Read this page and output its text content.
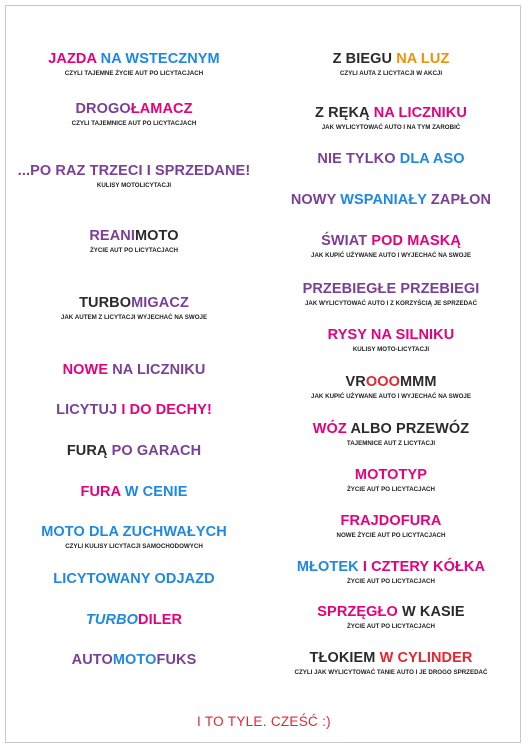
JAZDA NA WSTECZNYM
CZYLI TAJEMNE ŻYCIE AUT PO LICYTACJACH
DROGOŁAMACZ
CZYLI TAJEMNICE AUT PO LICYTACJACH
...PO RAZ TRZECI I SPRZEDANE!
KULISY MOTOLICYTACJI
REANIMOTO
ŻYCIE AUT PO LICYTACJACH
TURBOMIGACZ
JAK AUTEM Z LICYTACJI WYJECHAĆ NA SWOJE
NOWE NA LICZNIKU
LICYTUJ I DO DECHY!
FURĄ PO GARACH
FURA W CENIE
MOTO DLA ZUCHWAŁYCH
CZYLI KULISY LICYTACJI SAMOCHODOWYCH
LICYTOWANY ODJAZD
TURBODILER
AUTOMOTOFUKS
Z BIEGU NA LUZ
CZYLI AUTA Z LICYTACJI W AKCJI
Z RĘKĄ NA LICZNIKU
JAK WYLICYTOWAĆ AUTO I NA TYM ZAROBIĆ
NIE TYLKO DLA ASO
NOWY WSPANIAŁY ZAPŁON
ŚWIAT POD MASKĄ
JAK KUPIĆ UŻYWANE AUTO I WYJECHAĆ NA SWOJE
PRZEBIEGŁE PRZEBIEGI
JAK WYLICYTOWAĆ AUTO I Z KORZYŚCIĄ JE SPRZEDAĆ
RYSY NA SILNIKU
KULISY MOTO-LICYTACJI
VROOOMMM
JAK KUPIĆ UŻYWANE AUTO I WYJECHAĆ NA SWOJE
WÓZ ALBO PRZEWÓZ
TAJEMNICE AUT Z LICYTACJI
MOTOTYP
ŻYCIE AUT PO LICYTACJACH
FRAJDOFURA
NOWE ŻYCIE AUT PO LICYTACJACH
MŁOTEK I CZTERY KÓŁKA
ŻYCIE AUT PO LICYTACJACH
SPRZĘGŁO W KASIE
ŻYCIE AUT PO LICYTACJACH
TŁOKIEM W CYLINDER
CZYLI JAK WYLICYTOWAĆ TANIE AUTO I JE DROGO SPRZEDAĆ
I TO TYLE. CZEŚĆ :)
